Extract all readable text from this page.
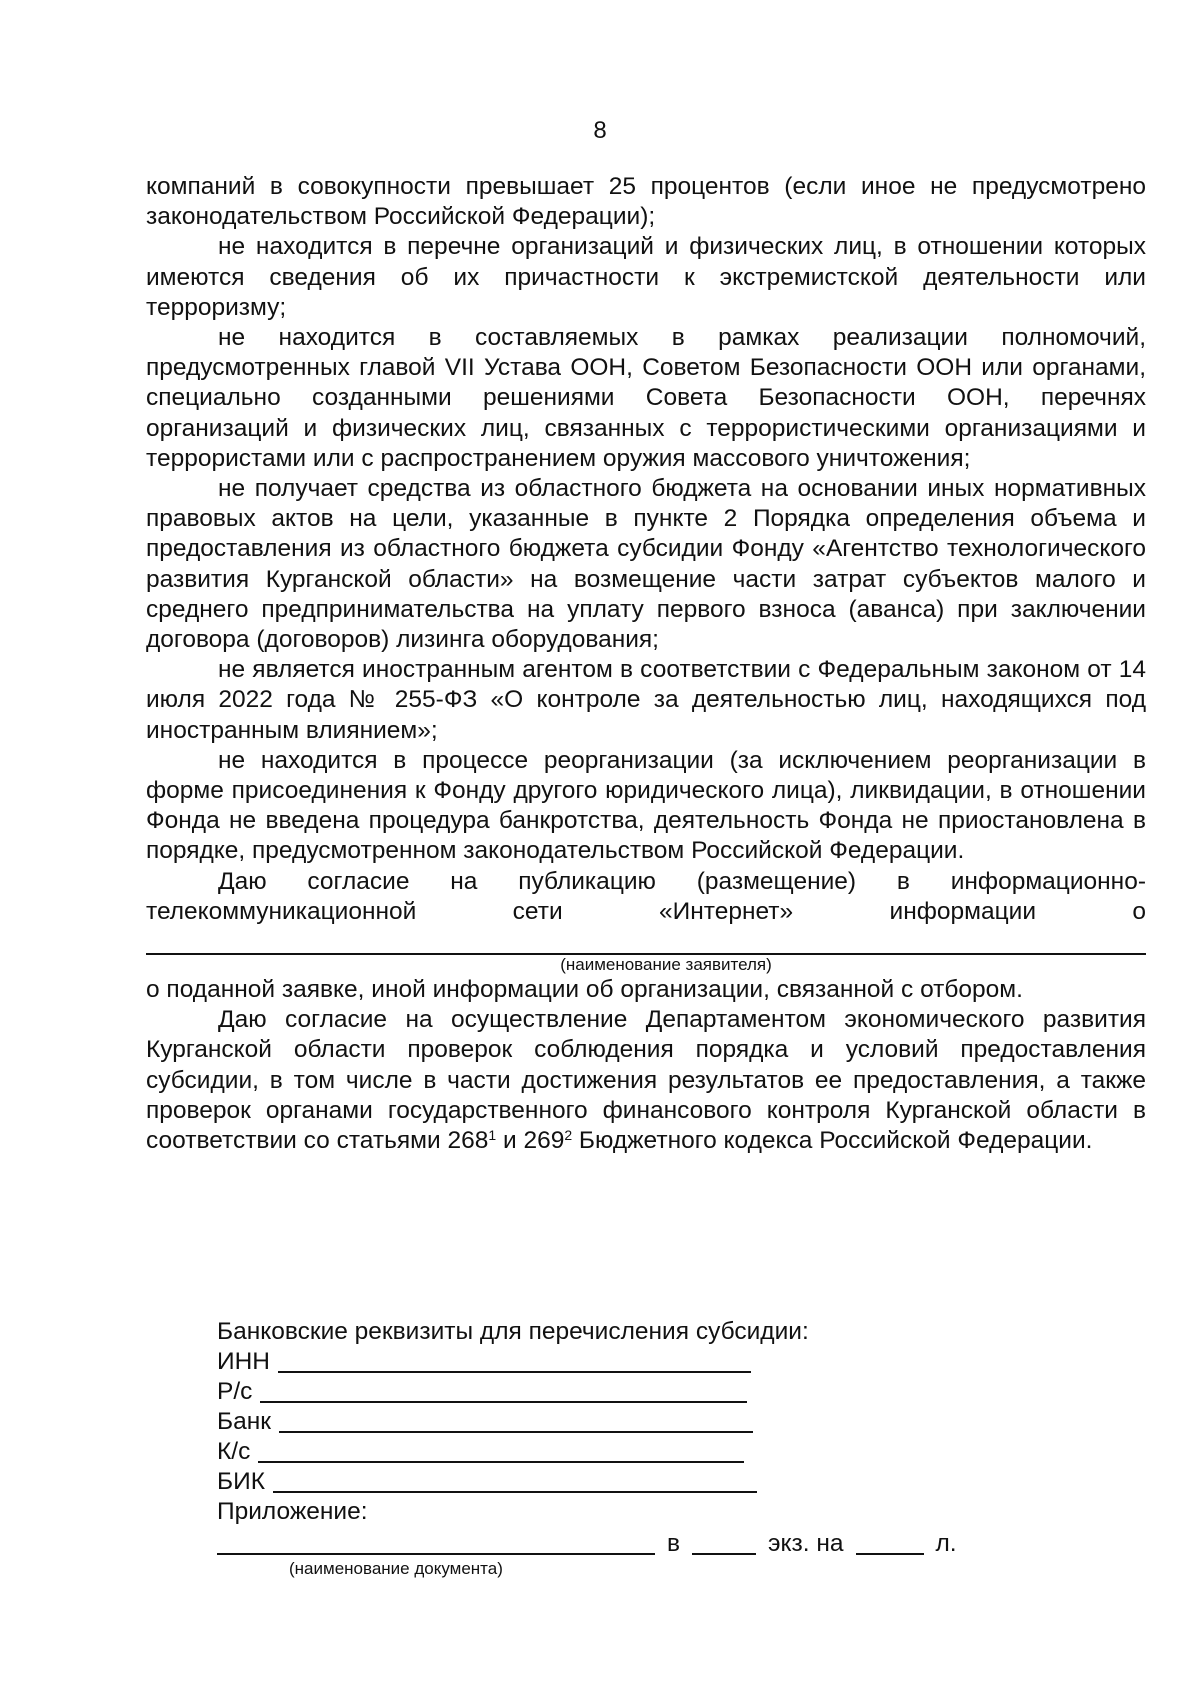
8

компаний в совокупности превышает 25 процентов (если иное не предусмотрено законодательством Российской Федерации);

не находится в перечне организаций и физических лиц, в отношении которых имеются сведения об их причастности к экстремистской деятельности или терроризму;

не находится в составляемых в рамках реализации полномочий, предусмотренных главой VII Устава ООН, Советом Безопасности ООН или органами, специально созданными решениями Совета Безопасности ООН, перечнях организаций и физических лиц, связанных с террористическими организациями и террористами или с распространением оружия массового уничтожения;

не получает средства из областного бюджета на основании иных нормативных правовых актов на цели, указанные в пункте 2 Порядка определения объема и предоставления из областного бюджета субсидии Фонду «Агентство технологического развития Курганской области» на возмещение части затрат субъектов малого и среднего предпринимательства на уплату первого взноса (аванса) при заключении договора (договоров) лизинга оборудования;

не является иностранным агентом в соответствии с Федеральным законом от 14 июля 2022 года № 255-ФЗ «О контроле за деятельностью лиц, находящихся под иностранным влиянием»;

не находится в процессе реорганизации (за исключением реорганизации в форме присоединения к Фонду другого юридического лица), ликвидации, в отношении Фонда не введена процедура банкротства, деятельность Фонда не приостановлена в порядке, предусмотренном законодательством Российской Федерации.

Даю согласие на публикацию (размещение) в информационно-телекоммуникационной сети «Интернет» информации о

(наименование заявителя)

о поданной заявке, иной информации об организации, связанной с отбором.

Даю согласие на осуществление Департаментом экономического развития Курганской области проверок соблюдения порядка и условий предоставления субсидии, в том числе в части достижения результатов ее предоставления, а также проверок органами государственного финансового контроля Курганской области в соответствии со статьями $268^1$ и $269^2$ Бюджетного кодекса Российской Федерации.

Банковские реквизиты для перечисления субсидии:
ИНН
Р/с
Банк
К/с
БИК
Приложение:
в	экз. на	л.
(наименование документа)
